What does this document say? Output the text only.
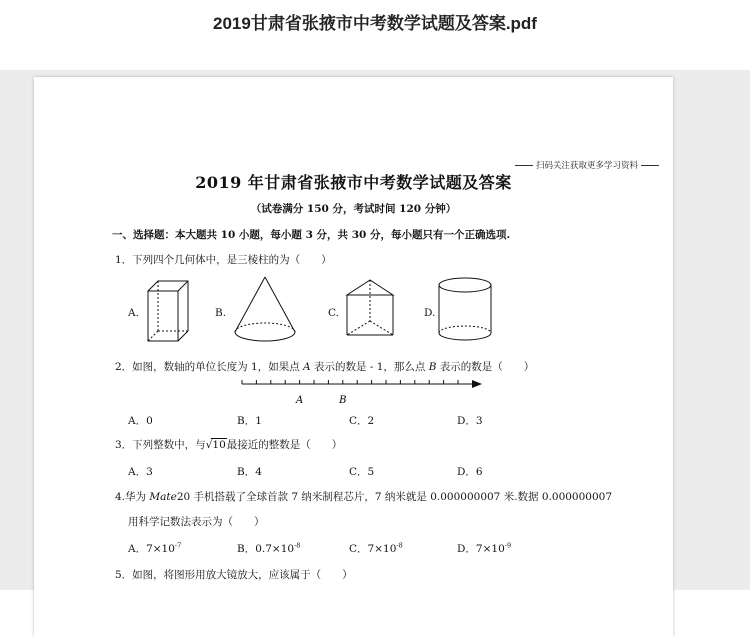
2019甘肃省张掖市中考数学试题及答案.pdf
扫码关注获取更多学习资料
2019 年甘肃省张掖市中考数学试题及答案
（试卷满分 150 分，考试时间 120 分钟）
一、选择题：本大题共 10 小题，每小题 3 分，共 30 分，每小题只有一个正确选项.
1．下列四个几何体中，是三棱柱的为（　　）
A.	B.	C.	D.
2．如图，数轴的单位长度为 1，如果点 A 表示的数是 - 1，那么点 B 表示的数是（　　）
A	B
A．0	B．1	C．2	D．3
3．下列整数中，与√10最接近的整数是（　　）
A．3	B．4	C．5	D．6
4.华为 Mate20 手机搭载了全球首款 7 纳米制程芯片，7 纳米就是 0.000000007 米.数据 0.000000007
用科学记数法表示为（　　）
A．$7\times 10^{-7}$	B．$0.7\times 10^{-8}$	C．$7\times 10^{-8}$	D．$7\times 10^{-9}$
5．如图，将图形用放大镜放大，应该属于（　　）
